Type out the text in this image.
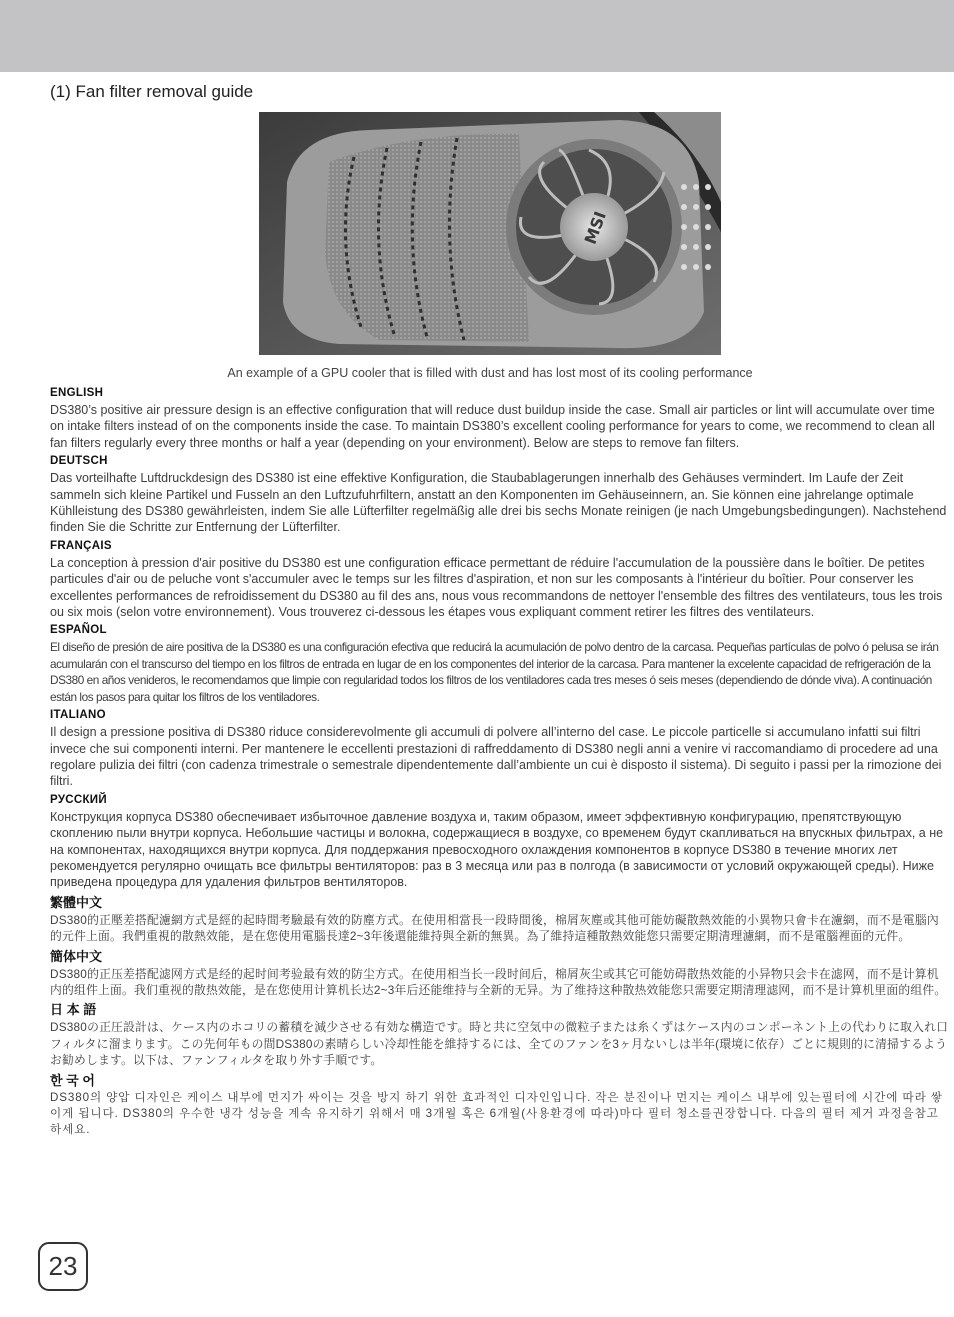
(1) Fan filter removal guide
MSI
An example of a GPU cooler that is filled with dust and has lost most of its cooling performance
ENGLISH
DS380’s positive air pressure design is an effective configuration that will reduce dust buildup inside the case. Small air particles or lint will accumulate over time on intake filters instead of on the components inside the case. To maintain DS380’s excellent cooling performance for years to come, we recommend to clean all fan filters regularly every three months or half a year (depending on your environment). Below are steps to remove fan filters.
DEUTSCH
Das vorteilhafte Luftdruckdesign des DS380 ist eine effektive Konfiguration, die Staubablagerungen innerhalb des Gehäuses vermindert. Im Laufe der Zeit sammeln sich kleine Partikel und Fusseln an den Luftzufuhrfiltern, anstatt an den Komponenten im Gehäuseinnern, an. Sie können eine jahrelange optimale Kühlleistung des DS380 gewährleisten, indem Sie alle Lüfterfilter regelmäßig alle drei bis sechs Monate reinigen (je nach Umgebungsbedingungen). Nachstehend finden Sie die Schritte zur Entfernung der Lüfterfilter.
FRANÇAIS
La conception à pression d'air positive du DS380 est une configuration efficace permettant de réduire l'accumulation de la poussière dans le boîtier. De petites particules d'air ou de peluche vont s'accumuler avec le temps sur les filtres d'aspiration, et non sur les composants à l'intérieur du boîtier. Pour conserver les excellentes performances de refroidissement du DS380 au fil des ans, nous vous recommandons de nettoyer l'ensemble des filtres des ventilateurs, tous les trois ou six mois (selon votre environnement). Vous trouverez ci-dessous les étapes vous expliquant comment retirer les filtres des ventilateurs.
ESPAÑOL
El diseño de presión de aire positiva de la DS380 es una configuración efectiva que reducirá la acumulación de polvo dentro de la carcasa. Pequeñas partículas de polvo ó pelusa se irán acumularán con el transcurso del tiempo en los filtros de entrada en lugar de en los componentes del interior de la carcasa. Para mantener la excelente capacidad de refrigeración de la DS380 en años venideros, le recomendamos que limpie con regularidad todos los filtros de los ventiladores cada tres meses ó seis meses (dependiendo de dónde viva). A continuación están los pasos para quitar los filtros de los ventiladores.
ITALIANO
Il design a pressione positiva di DS380 riduce considerevolmente gli accumuli di polvere all’interno del case. Le piccole particelle si accumulano infatti sui filtri invece che sui componenti interni. Per mantenere le eccellenti prestazioni di raffreddamento di DS380 negli anni a venire vi raccomandiamo di procedere ad una regolare pulizia dei filtri (con cadenza trimestrale o semestrale dipendentemente dall’ambiente un cui è disposto il sistema). Di seguito i passi per la rimozione dei filtri.
РУССКИЙ
Конструкция корпуса DS380 обеспечивает избыточное давление воздуха и, таким образом, имеет эффективную конфигурацию, препятствующую скоплению пыли внутри корпуса. Небольшие частицы и волокна, содержащиеся в воздухе, со временем будут скапливаться на впускных фильтрах, а не на компонентах, находящихся внутри корпуса. Для поддержания превосходного охлаждения компонентов в корпусе DS380 в течение многих лет рекомендуется регулярно очищать все фильтры вентиляторов: раз в 3 месяца или раз в полгода (в зависимости от условий окружающей среды). Ниже приведена процедура для удаления фильтров вентиляторов.
繁體中文
DS380的正壓差搭配濾網方式是經的起時間考驗最有效的防塵方式。在使用相當長一段時間後，棉屑灰塵或其他可能妨礙散熱效能的小異物只會卡在濾網，而不是電腦內的元件上面。我們重視的散熱效能，是在您使用電腦長達2~3年後還能維持與全新的無異。為了維持這種散熱效能您只需要定期清理濾網，而不是電腦裡面的元件。
簡体中文
DS380的正压差搭配滤网方式是经的起时间考验最有效的防尘方式。在使用相当长一段时间后，棉屑灰尘或其它可能妨碍散热效能的小异物只会卡在滤网，而不是计算机内的组件上面。我们重视的散热效能，是在您使用计算机长达2~3年后还能维持与全新的无异。为了维持这种散热效能您只需要定期清理滤网，而不是计算机里面的组件。
日 本 語
DS380の正圧設計は、ケース内のホコリの蓄積を減少させる有効な構造です。時と共に空気中の微粒子または糸くずはケース内のコンポーネント上の代わりに取入れ口フィルタに溜まります。この先何年もの間DS380の素晴らしい冷却性能を維持するには、全てのファンを3ヶ月ないしは半年(環境に依存）ごとに規則的に清掃するようお勧めします。以下は、ファンフィルタを取り外す手順です。
한 국 어
DS380의 양압 디자인은 케이스 내부에 먼지가 싸이는 것을 방지 하기 위한 효과적인 디자인입니다. 작은 분진이나 먼지는 케이스 내부에 있는필터에 시간에 따라 쌓이게 됩니다. DS380의 우수한 냉각 성능을 계속 유지하기 위해서 매 3개월 혹은 6개월(사용환경에 따라)마다 필터 청소를권장합니다. 다음의 필터 제거 과정을참고하세요.
23
